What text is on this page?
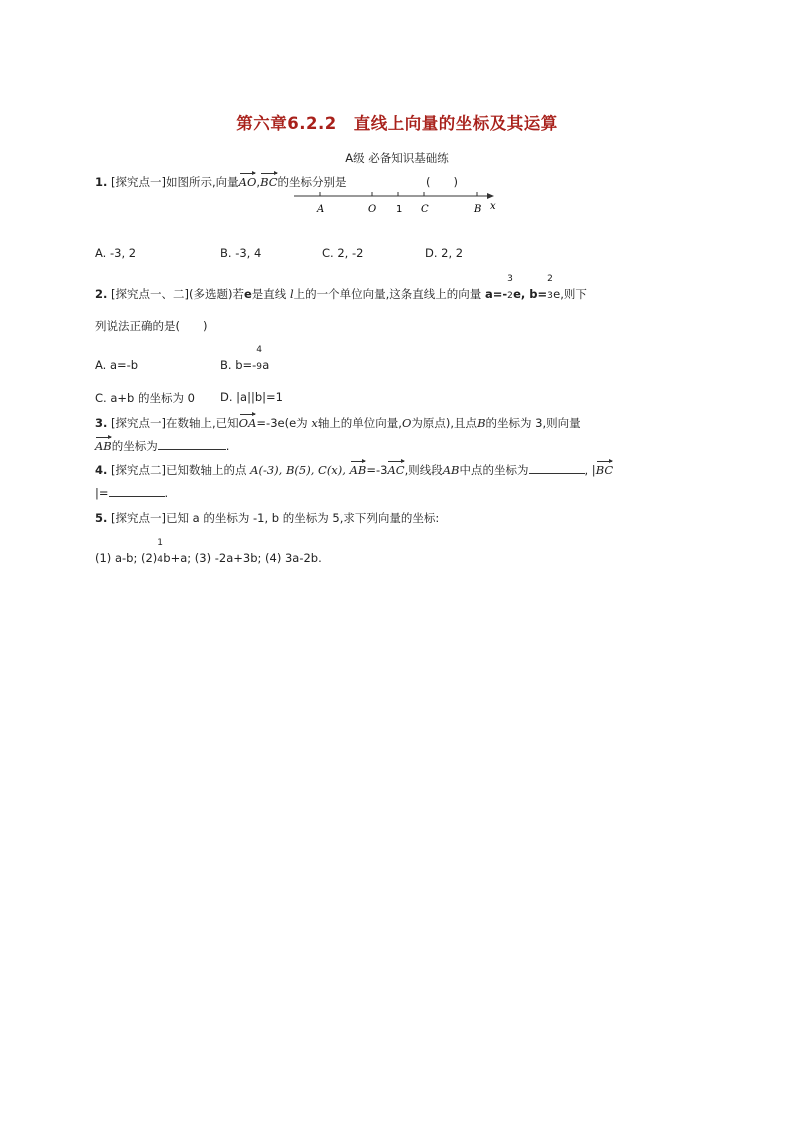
第六章6.2.2　直线上向量的坐标及其运算
A级 必备知识基础练
1. [探究点一]如图所示,向量AO,BC的坐标分别是	(　　)
A	O 1 C	B x
A. -3, 2	B. -3, 4	C. 2, -2	D. 2, 2
2. [探究点一、二](多选题)若e是直线 l上的一个单位向量,这条直线上的向量 a=-
3
2e, b=
2
3e,则下
列说法正确的是(　　)
A. a=-b	B. b=-
4
9a
C. a+b 的坐标为 0 D. |a||b|=1
3. [探究点一]在数轴上,已知OA=-3e(e为 x轴上的单位向量,O为原点),且点B的坐标为 3,则向量
AB的坐标为	.
4. [探究点二]已知数轴上的点 A(-3), B(5), C(x), AB=-3AC,则线段AB中点的坐标为	, |BC
|=	.
5. [探究点一]已知 a 的坐标为 -1, b 的坐标为 5,求下列向量的坐标:
(1) a-b; (2)
1
4b+a; (3) -2a+3b; (4) 3a-2b.
